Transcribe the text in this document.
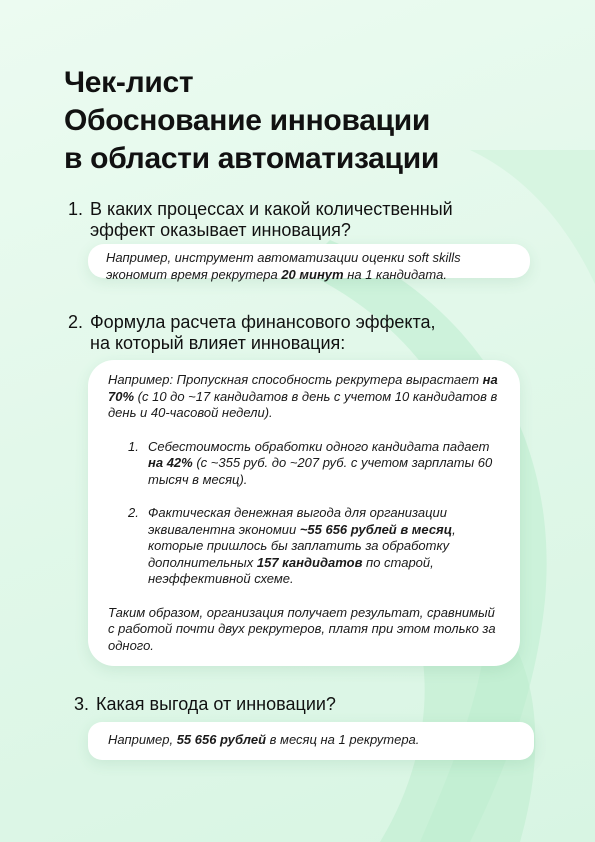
Чек-лист
Обоснование инновации
в области автоматизации
1. В каких процессах и какой количественный
эффект оказывает инновация?

Например, инструмент автоматизации оценки soft skills экономит время рекрутера 20 минут на 1 кандидата.

2. Формула расчета финансового эффекта,
на который влияет инновация:

Например: Пропускная способность рекрутера вырастает на 70% (с 10 до ~17 кандидатов в день с учетом 10 кандидатов в день и 40-часовой недели).

1. Себестоимость обработки одного кандидата падает на 42% (с ~355 руб. до ~207 руб. с учетом зарплаты 60 тысяч в месяц).

2. Фактическая денежная выгода для организации эквивалентна экономии ~55 656 рублей в месяц, которые пришлось бы заплатить за обработку дополнительных 157 кандидатов по старой, неэффективной схеме.

Таким образом, организация получает результат, сравнимый с работой почти двух рекрутеров, платя при этом только за одного.

3. Какая выгода от инновации?

Например, 55 656 рублей в месяц на 1 рекрутера.
